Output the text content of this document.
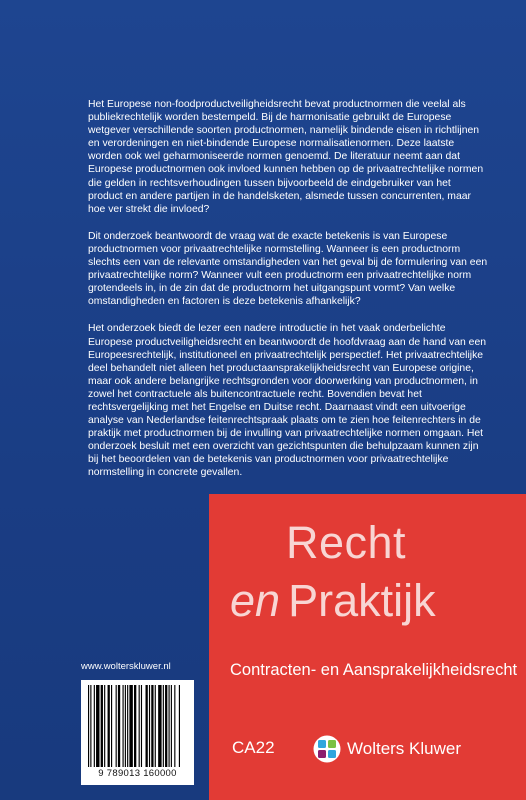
Het Europese non-foodproductveiligheidsrecht bevat productnormen die veelal als publiekrechtelijk worden bestempeld. Bij de harmonisatie gebruikt de Europese wetgever verschillende soorten productnormen, namelijk bindende eisen in richtlijnen en verordeningen en niet-bindende Europese normalisatienormen. Deze laatste worden ook wel geharmoniseerde normen genoemd. De literatuur neemt aan dat Europese productnormen ook invloed kunnen hebben op de privaatrechtelijke normen die gelden in rechtsverhoudingen tussen bijvoorbeeld de eindgebruiker van het product en andere partijen in de handelsketen, alsmede tussen concurrenten, maar hoe ver strekt die invloed?

Dit onderzoek beantwoordt de vraag wat de exacte betekenis is van Europese productnormen voor privaatrechtelijke normstelling. Wanneer is een productnorm slechts een van de relevante omstandigheden van het geval bij de formulering van een privaatrechtelijke norm? Wanneer vult een productnorm een privaatrechtelijke norm grotendeels in, in de zin dat de productnorm het uitgangspunt vormt? Van welke omstandigheden en factoren is deze betekenis afhankelijk?

Het onderzoek biedt de lezer een nadere introductie in het vaak onderbelichte Europese productveiligheidsrecht en beantwoordt de hoofdvraag aan de hand van een Europeesrechtelijk, institutioneel en privaatrechtelijk perspectief. Het privaatrechtelijke deel behandelt niet alleen het productaansprakelijkheidsrecht van Europese origine, maar ook andere belangrijke rechtsgronden voor doorwerking van productnormen, in zowel het contractuele als buitencontractuele recht. Bovendien bevat het rechtsvergelijking met het Engelse en Duitse recht. Daarnaast vindt een uitvoerige analyse van Nederlandse feitenrechtspraak plaats om te zien hoe feitenrechters in de praktijk met productnormen bij de invulling van privaatrechtelijke normen omgaan. Het onderzoek besluit met een overzicht van gezichtspunten die behulpzaam kunnen zijn bij het beoordelen van de betekenis van productnormen voor privaatrechtelijke normstelling in concrete gevallen.

www.wolterskluwer.nl
9 789013 160000
Recht
en Praktijk
Contracten- en Aansprakelijkheidsrecht
CA22	Wolters Kluwer
